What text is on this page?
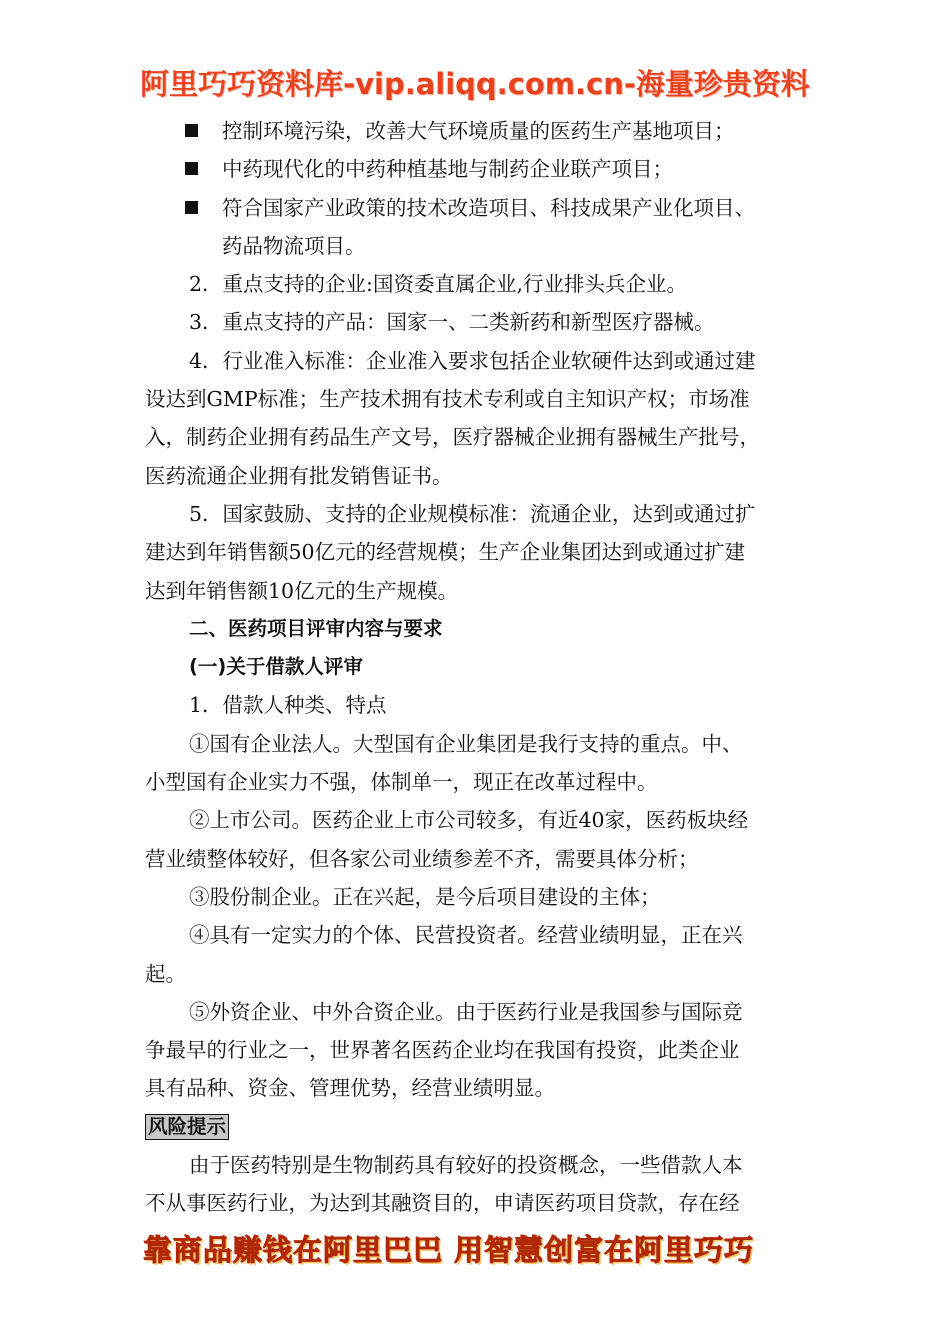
阿里巧巧资料库-vip.aliqq.com.cn-海量珍贵资料
控制环境污染，改善大气环境质量的医药生产基地项目；
中药现代化的中药种植基地与制药企业联产项目；
符合国家产业政策的技术改造项目、科技成果产业化项目、
药品物流项目。
2．重点支持的企业:国资委直属企业,行业排头兵企业。
3．重点支持的产品：国家一、二类新药和新型医疗器械。
4．行业准入标准：企业准入要求包括企业软硬件达到或通过建
设达到GMP标准；生产技术拥有技术专利或自主知识产权；市场准
入，制药企业拥有药品生产文号，医疗器械企业拥有器械生产批号，
医药流通企业拥有批发销售证书。
5．国家鼓励、支持的企业规模标准：流通企业，达到或通过扩
建达到年销售额50亿元的经营规模；生产企业集团达到或通过扩建
达到年销售额10亿元的生产规模。
二、医药项目评审内容与要求
(一)关于借款人评审
1．借款人种类、特点
①国有企业法人。大型国有企业集团是我行支持的重点。中、
小型国有企业实力不强，体制单一，现正在改革过程中。
②上市公司。医药企业上市公司较多，有近40家，医药板块经
营业绩整体较好，但各家公司业绩参差不齐，需要具体分析；
③股份制企业。正在兴起，是今后项目建设的主体；
④具有一定实力的个体、民营投资者。经营业绩明显，正在兴
起。
⑤外资企业、中外合资企业。由于医药行业是我国参与国际竞
争最早的行业之一，世界著名医药企业均在我国有投资，此类企业
具有品种、资金、管理优势，经营业绩明显。
风险提示
由于医药特别是生物制药具有较好的投资概念，一些借款人本
不从事医药行业，为达到其融资目的，申请医药项目贷款，存在经
靠商品赚钱在阿里巴巴 用智慧创富在阿里巧巧
